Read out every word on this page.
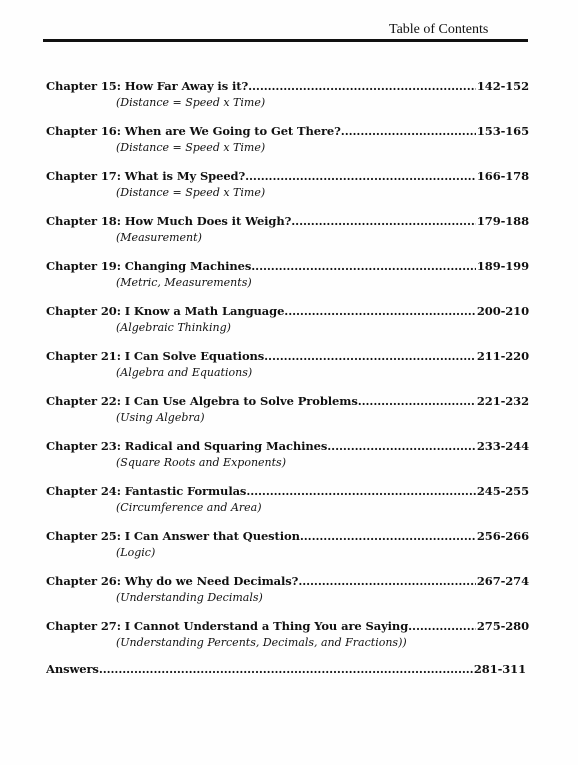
Table of Contents
Chapter 15: How Far Away is it? .....	142-152
(Distance = Speed x Time)
Chapter 16: When are We Going to Get There? .....	153-165
(Distance = Speed x Time)
Chapter 17: What is My Speed? .....	166-178
(Distance = Speed x Time)
Chapter 18: How Much Does it Weigh? .....	179-188
(Measurement)
Chapter 19: Changing Machines .....	189-199
(Metric, Measurements)
Chapter 20: I Know a Math Language .....	200-210
(Algebraic Thinking)
Chapter 21: I Can Solve Equations .....	211-220
(Algebra and Equations)
Chapter 22: I Can Use Algebra to Solve Problems .....	221-232
(Using Algebra)
Chapter 23: Radical and Squaring Machines .....	233-244
(Square Roots and Exponents)
Chapter 24: Fantastic Formulas .....	245-255
(Circumference and Area)
Chapter 25: I Can Answer that Question .....	256-266
(Logic)
Chapter 26: Why do we Need Decimals? .....	267-274
(Understanding Decimals)
Chapter 27: I Cannot Understand a Thing You are Saying .....	275-280
(Understanding Percents, Decimals, and Fractions))
Answers .....	281-311
